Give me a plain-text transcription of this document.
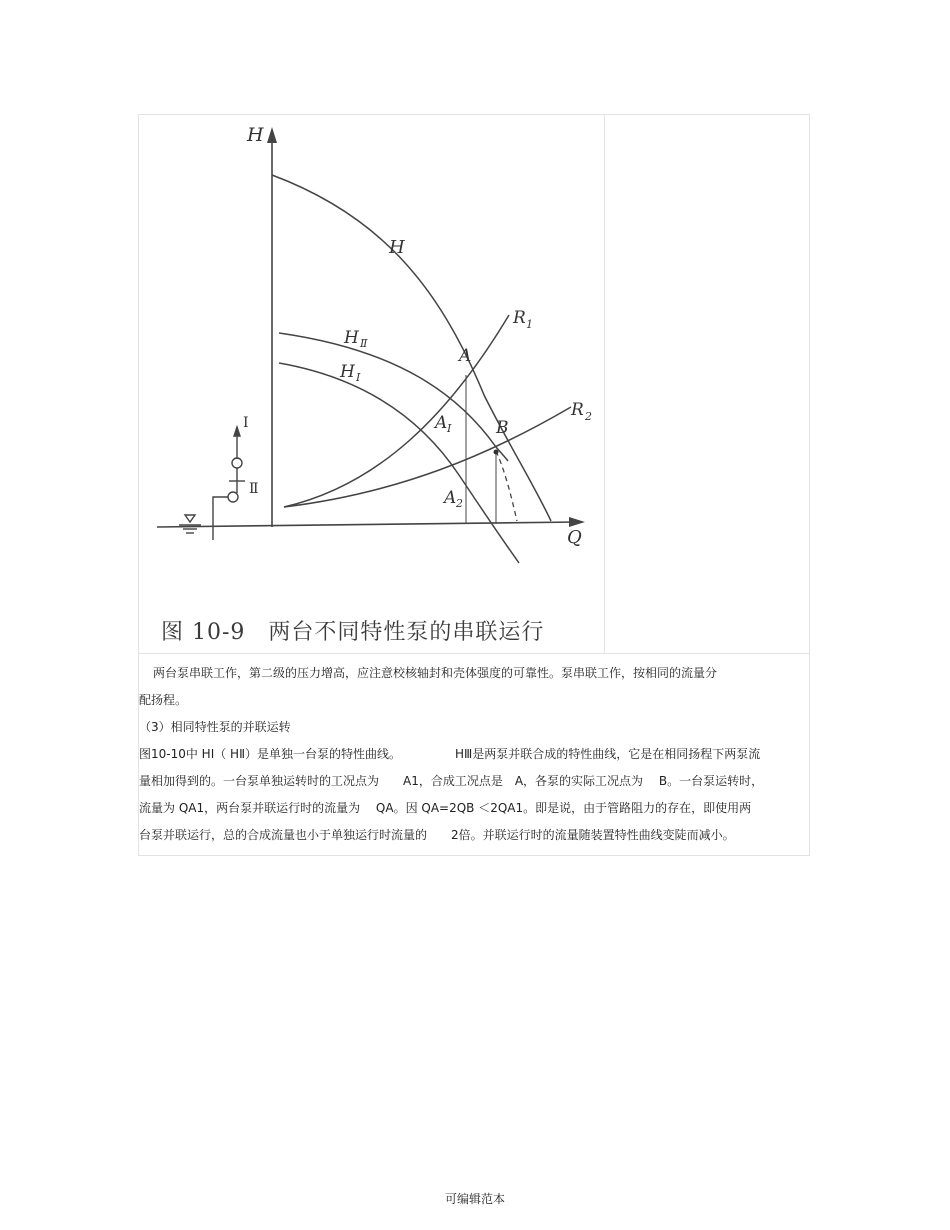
H
Q
H
H Ⅱ
H Ⅰ
R 1
R 2
A
A Ⅰ	B
A 2
Ⅰ
Ⅱ
图 10-9　两台不同特性泵的串联运行
两台泵串联工作，第二级的压力增高，应注意校核轴封和壳体强度的可靠性。泵串联工作，按相同的流量分
配扬程。
（3）相同特性泵的并联运转
图10-10中 HⅠ（ HⅡ）是单独一台泵的特性曲线。　　　　　HⅢ是两泵并联合成的特性曲线，它是在相同扬程下两泵流
量相加得到的。一台泵单独运转时的工况点为　　A1，合成工况点是　A，各泵的实际工况点为　 B。一台泵运转时，
流量为 QA1，两台泵并联运行时的流量为　 QA。因 QA=2QB ＜2QA1。即是说，由于管路阻力的存在，即使用两
台泵并联运行，总的合成流量也小于单独运行时流量的　　2倍。并联运行时的流量随装置特性曲线变陡而减小。
可编辑范本
